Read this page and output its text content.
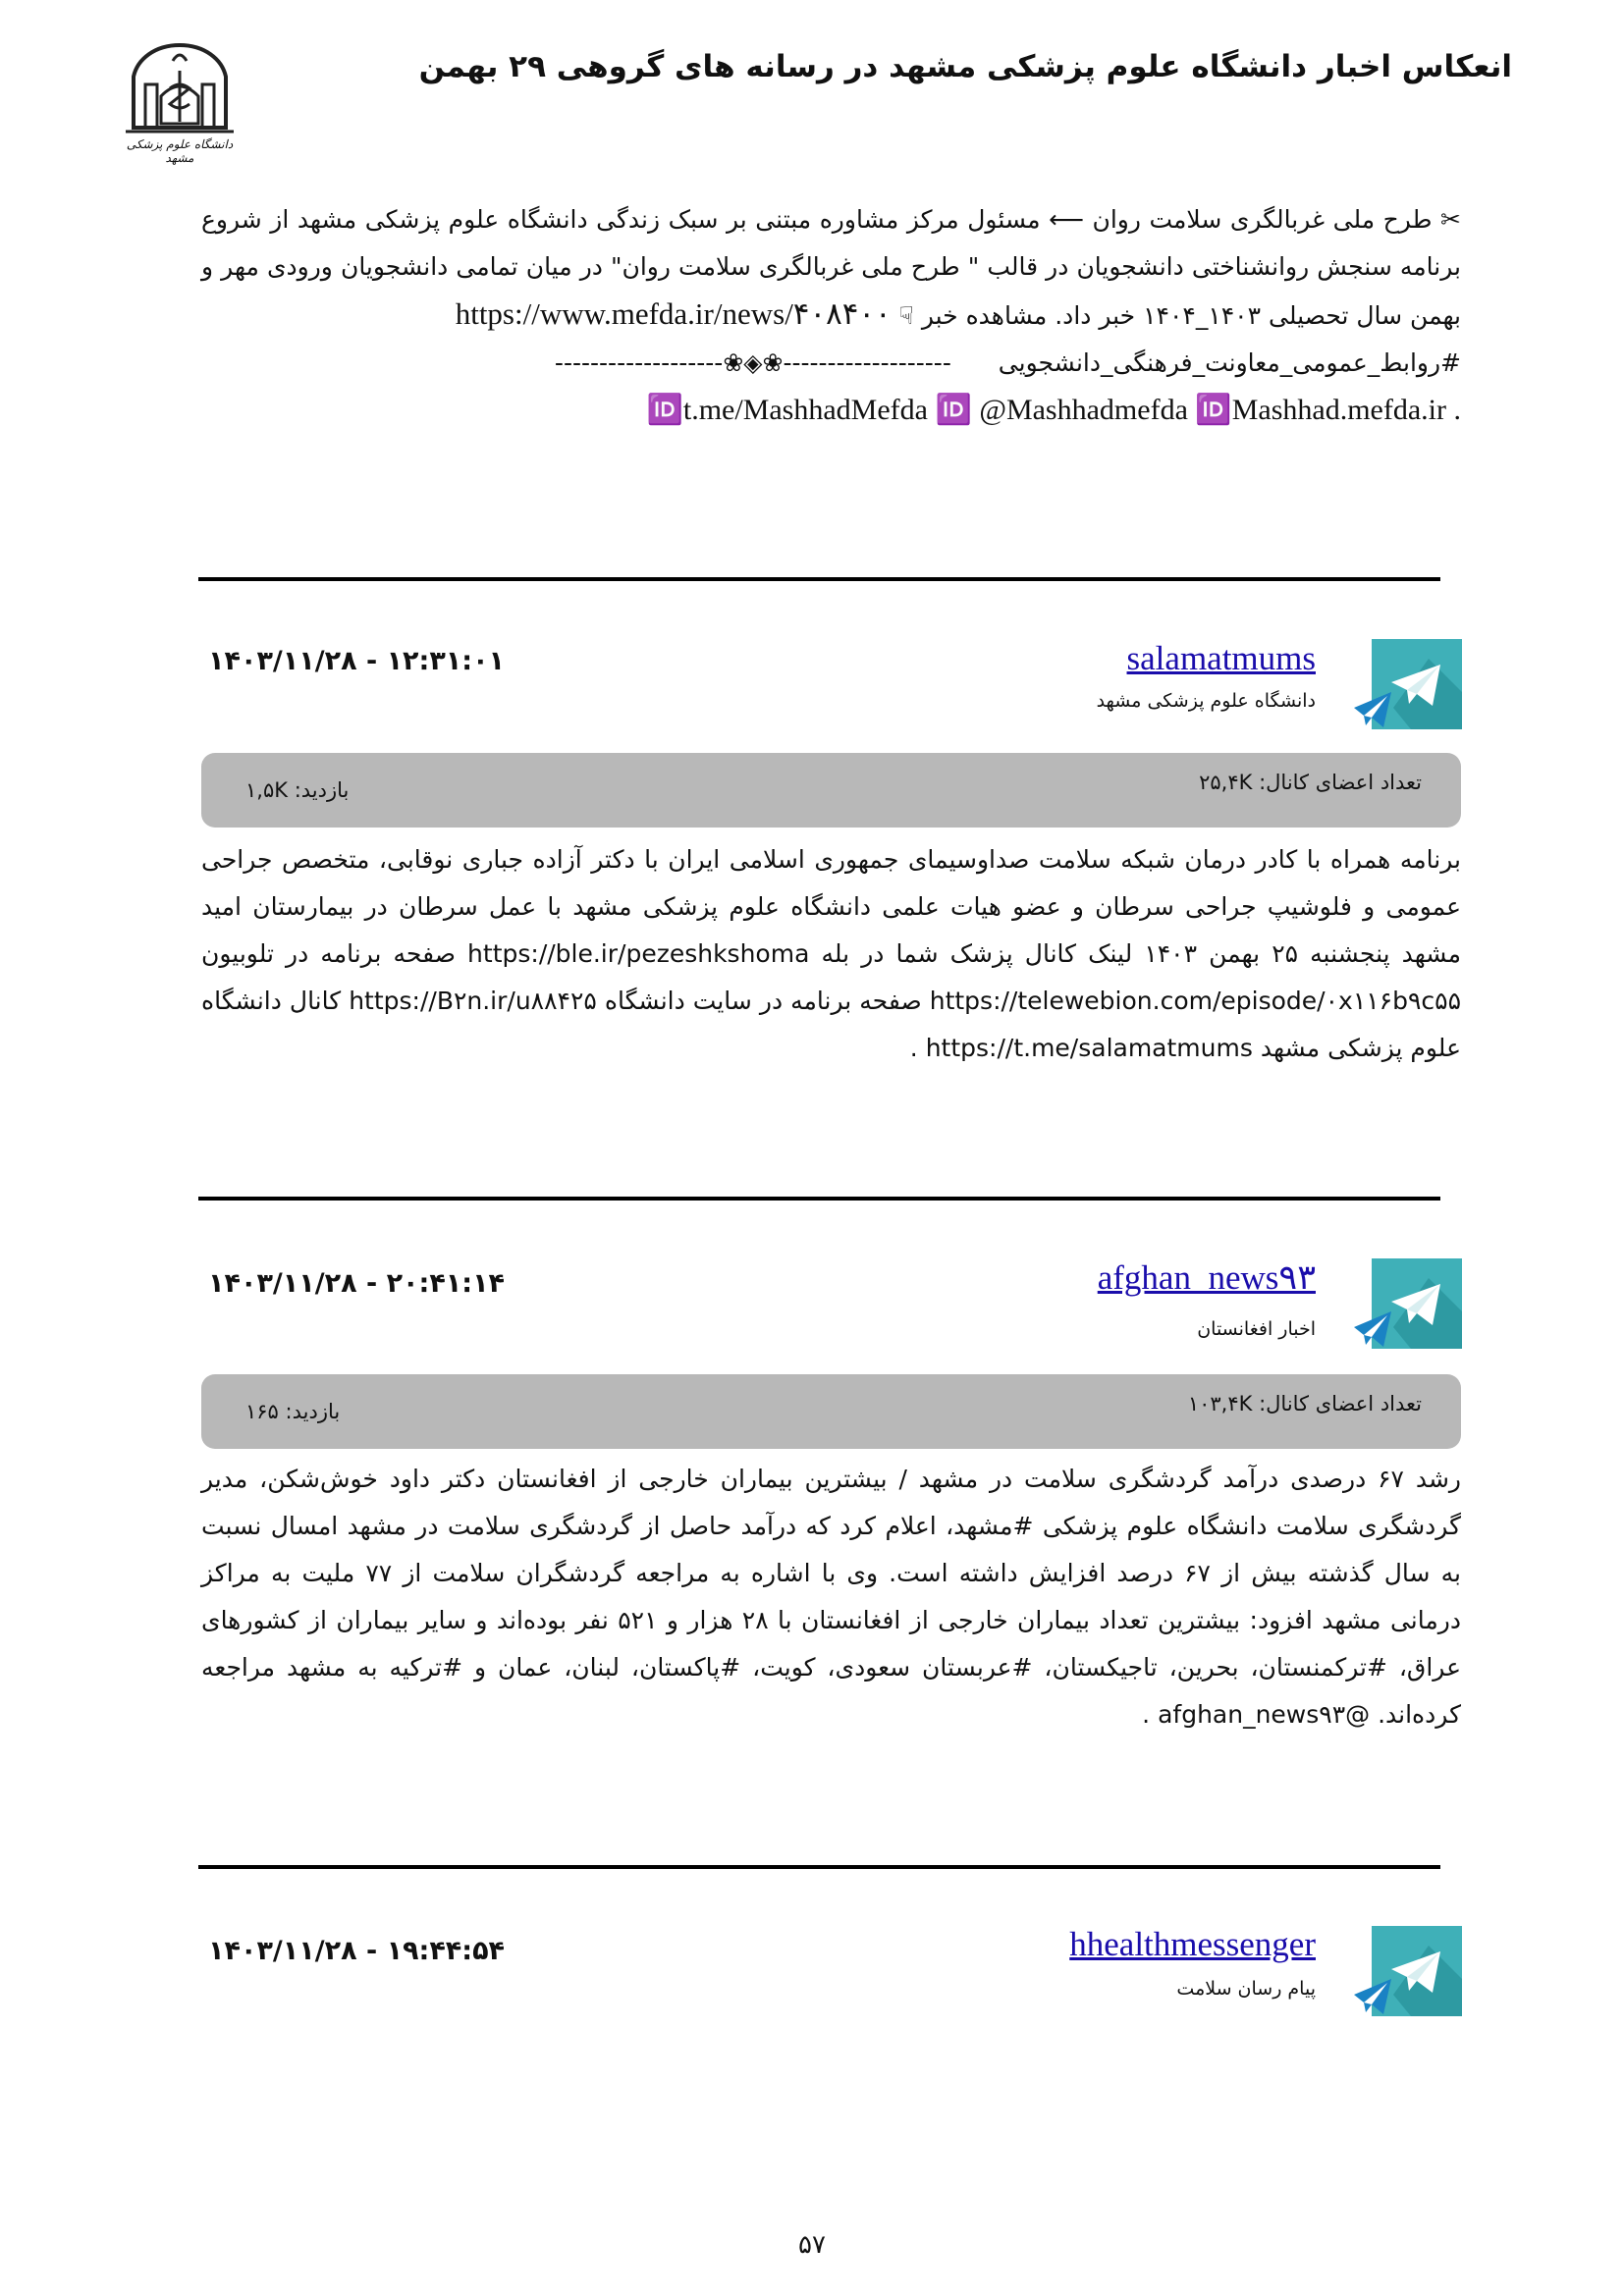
دانشگاه علوم پزشکی مشهد
انعکاس اخبار دانشگاه علوم پزشکی مشهد در رسانه های گروهی ۲۹ بهمن

✂ طرح ملی غربالگری سلامت روان ⟵ مسئول مرکز مشاوره مبتنی بر سبک زندگی دانشگاه علوم پزشکی مشهد از شروع برنامه سنجش روانشناختی دانشجویان در قالب " طرح ملی غربالگری سلامت روان" در میان تمامی دانشجویان ورودی مهر و بهمن سال تحصیلی ۱۴۰۳_۱۴۰۴ خبر داد. مشاهده خبر ☟ https://www.mefda.ir/news/۴۰۸۴۰۰

#روابط_عمومی_معاونت_فرهنگی_دانشجویی -------------------❀◈❀-------------------

🆔t.me/MashhadMefda 🆔 @Mashhadmefda 🆔Mashhad.mefda.ir .

salamatmums
دانشگاه علوم پزشکی مشهد
۱۴۰۳/۱۱/۲۸ - ۱۲:۳۱:۰۱
تعداد اعضای کانال: ۲۵,۴K
بازدید: ۱,۵K

برنامه همراه با کادر درمان شبکه سلامت صداوسیمای جمهوری اسلامی ایران با دکتر آزاده جباری نوقابی، متخصص جراحی عمومی و فلوشیپ جراحی سرطان و عضو هیات علمی دانشگاه علوم پزشکی مشهد با عمل سرطان در بیمارستان امید مشهد پنجشنبه ۲۵ بهمن ۱۴۰۳ لینک کانال پزشک شما در بله https://ble.ir/pezeshkshoma صفحه برنامه در تلوبیون https://telewebion.com/episode/۰x۱۱۶b۹c۵۵ صفحه برنامه در سایت دانشگاه https://B۲n.ir/u۸۸۴۲۵ کانال دانشگاه علوم پزشکی مشهد https://t.me/salamatmums .

afghan_news۹۳
اخبار افغانستان
۱۴۰۳/۱۱/۲۸ - ۲۰:۴۱:۱۴
تعداد اعضای کانال: ۱۰۳,۴K
بازدید: ۱۶۵

رشد ۶۷ درصدی درآمد گردشگری سلامت در مشهد / بیشترین بیماران خارجی از افغانستان دکتر داود خوش‌شکن، مدیر گردشگری سلامت دانشگاه علوم پزشکی #مشهد، اعلام کرد که درآمد حاصل از گردشگری سلامت در مشهد امسال نسبت به سال گذشته بیش از ۶۷ درصد افزایش داشته است. وی با اشاره به مراجعه گردشگران سلامت از ۷۷ ملیت به مراکز درمانی مشهد افزود: بیشترین تعداد بیماران خارجی از افغانستان با ۲۸ هزار و ۵۲۱ نفر بوده‌اند و سایر بیماران از کشورهای عراق، #ترکمنستان، بحرین، تاجیکستان، #عربستان سعودی، کویت، #پاکستان، لبنان، عمان و #ترکیه به مشهد مراجعه کرده‌اند. @afghan_news۹۳ .

hhealthmessenger
پیام رسان سلامت
۱۴۰۳/۱۱/۲۸ - ۱۹:۴۴:۵۴
۵۷
